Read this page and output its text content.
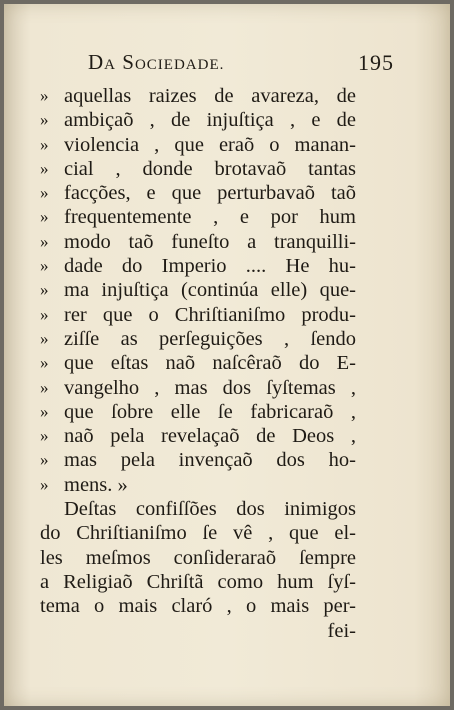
DA SOCIEDADE.	195
» aquellas raizes de avareza, de
» ambiçaõ , de injuſtiça , e de
» violencia , que eraõ o manan-
» cial , donde brotavaõ tantas
» facções, e que perturbavaõ taõ
» frequentemente , e por hum
» modo taõ funeſto a tranquilli-
» dade do Imperio .... He hu-
» ma injuſtiça (continúa elle) que-
» rer que o Chriſtianiſmo produ-
» ziſſe as perſeguições , ſendo
» que eſtas naõ naſcêraõ do E-
» vangelho , mas dos ſyſtemas ,
» que ſobre elle ſe fabricaraõ ,
» naõ pela revelaçaõ de Deos ,
» mas pela invençaõ dos ho-
» mens. »
Deſtas confiſſões dos inimigos
do Chriſtianiſmo ſe vê , que el-
les meſmos conſideraraõ ſempre
a Religiaõ Chriſtã como hum ſyſ-
tema o mais claró , o mais per-
fei-
